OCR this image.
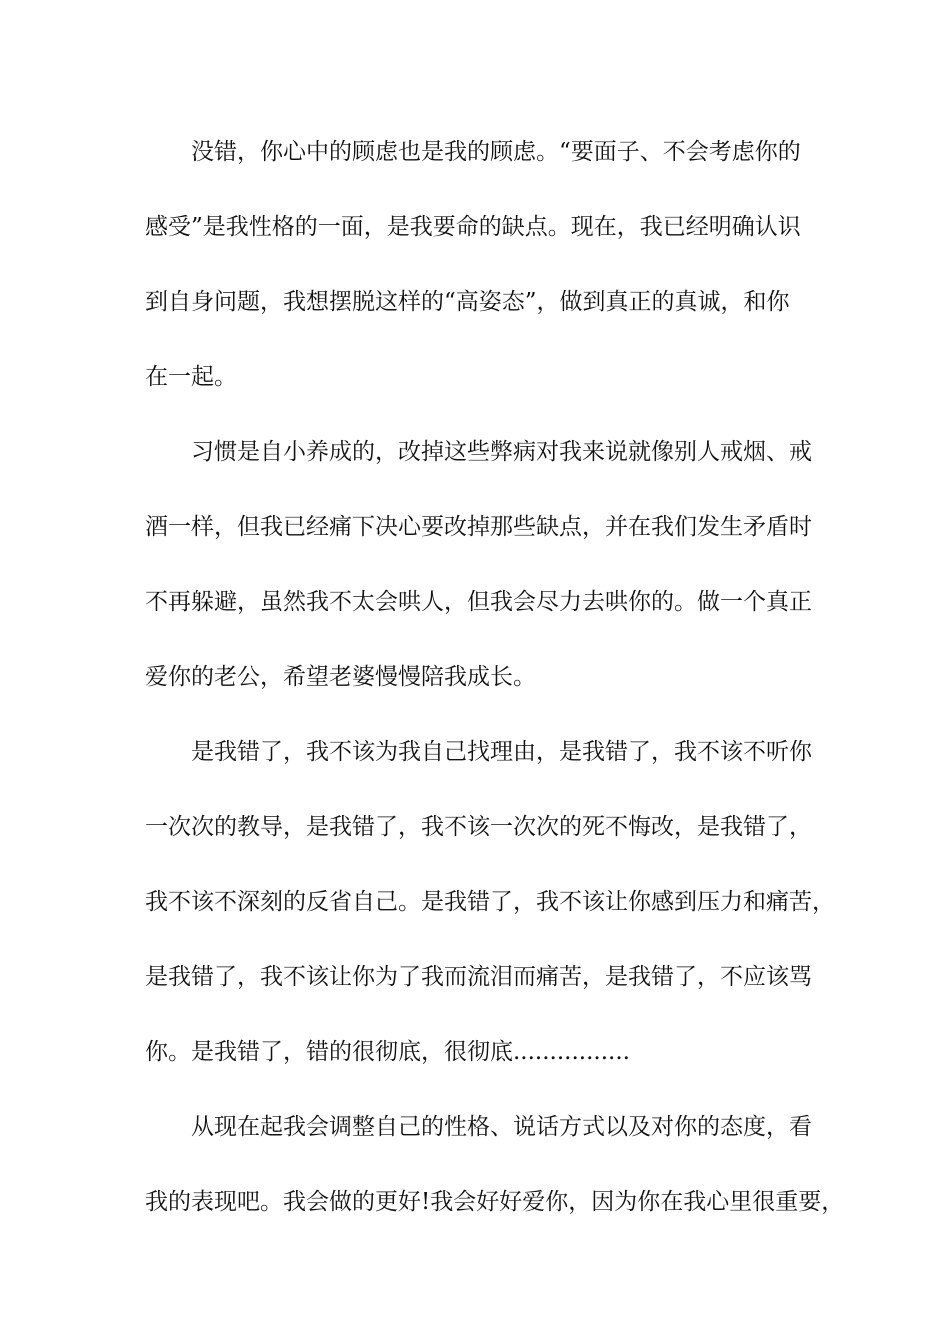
没错，你心中的顾虑也是我的顾虑。“要面子、不会考虑你的
感受”是我性格的一面，是我要命的缺点。现在，我已经明确认识
到自身问题，我想摆脱这样的“高姿态”，做到真正的真诚，和你
在一起。
习惯是自小养成的，改掉这些弊病对我来说就像别人戒烟、戒
酒一样，但我已经痛下决心要改掉那些缺点，并在我们发生矛盾时
不再躲避，虽然我不太会哄人，但我会尽力去哄你的。做一个真正
爱你的老公，希望老婆慢慢陪我成长。
是我错了，我不该为我自己找理由，是我错了，我不该不听你
一次次的教导，是我错了，我不该一次次的死不悔改，是我错了，
我不该不深刻的反省自己。是我错了，我不该让你感到压力和痛苦，
是我错了，我不该让你为了我而流泪而痛苦，是我错了，不应该骂
你。是我错了，错的很彻底，很彻底................
从现在起我会调整自己的性格、说话方式以及对你的态度，看
我的表现吧。我会做的更好!我会好好爱你，因为你在我心里很重要，
